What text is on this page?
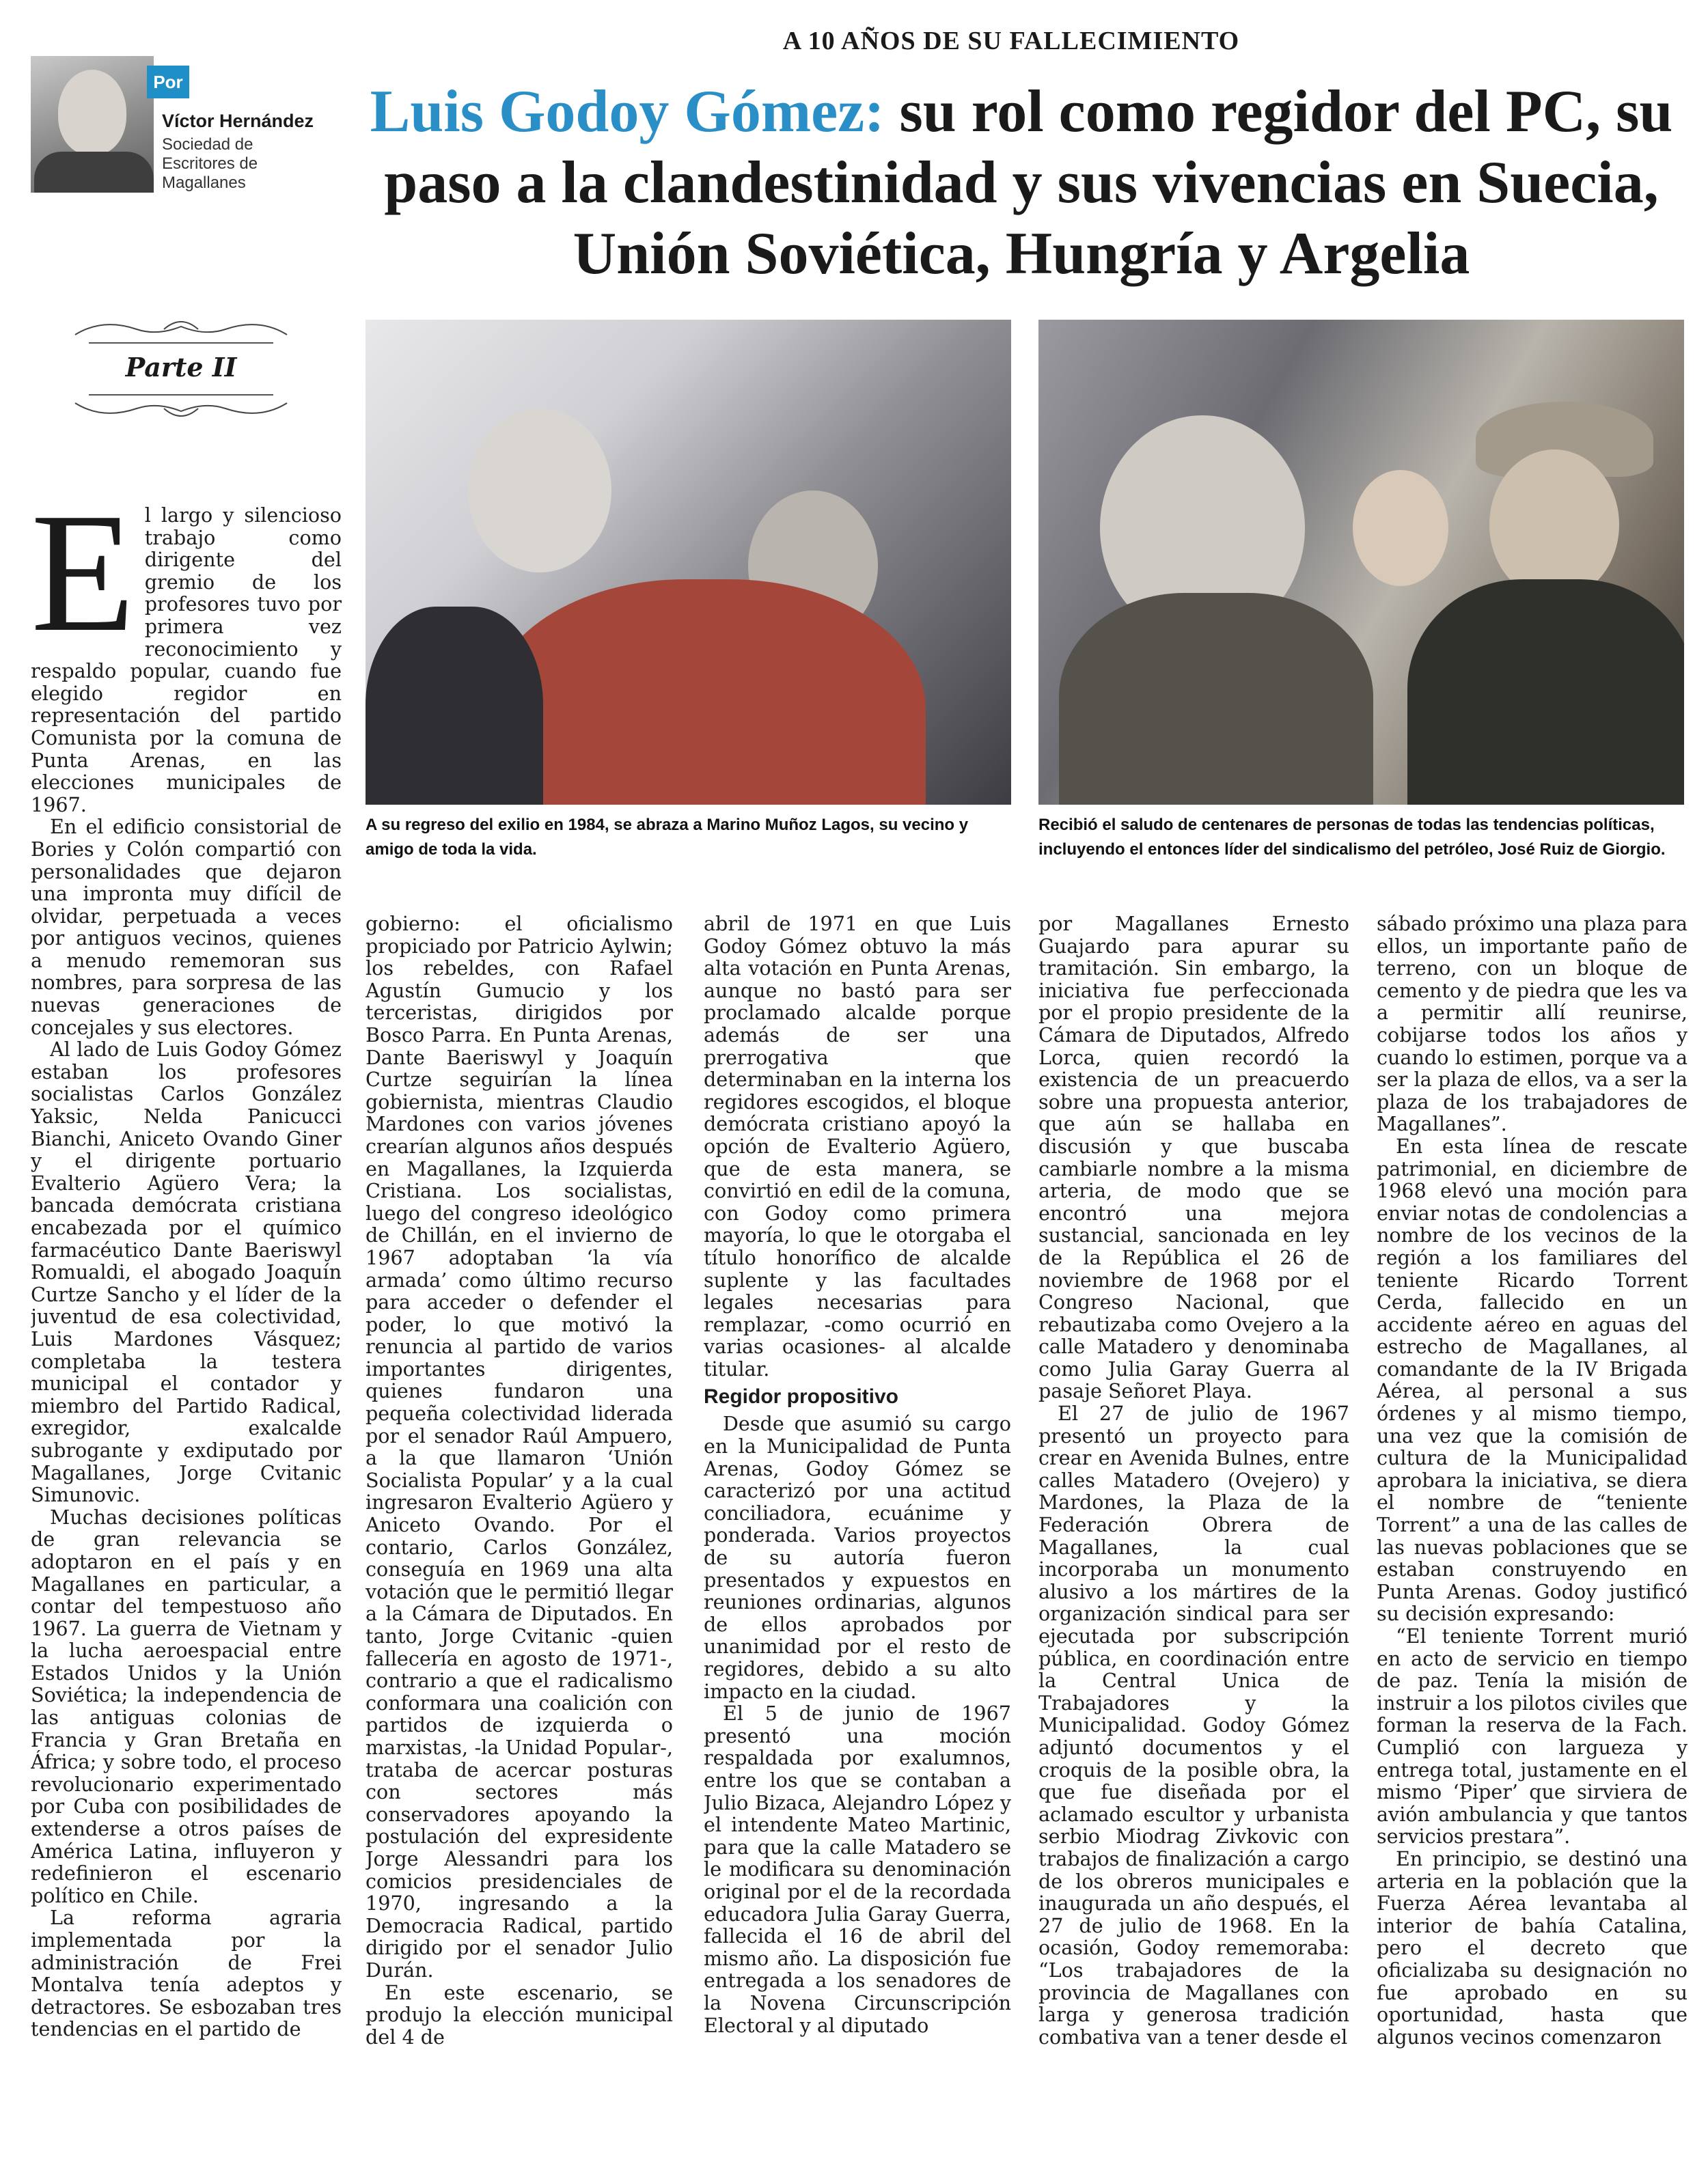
A 10 AÑOS DE SU FALLECIMIENTO
Por
Víctor Hernández
Sociedad de Escritores de Magallanes
Luis Godoy Gómez: su rol como regidor del PC, su paso a la clandestinidad y sus vivencias en Suecia, Unión Soviética, Hungría y Argelia
Parte II
A su regreso del exilio en 1984, se abraza a Marino Muñoz Lagos, su vecino y amigo de toda la vida.
Recibió el saludo de centenares de personas de todas las tendencias políticas, incluyendo el entonces líder del sindicalismo del petróleo, José Ruiz de Giorgio.
E l largo y silencioso trabajo como dirigente del gremio de los profesores tuvo por primera vez reconocimiento y respaldo popular, cuando fue elegido regidor en representación del partido Comunista por la comuna de Punta Arenas, en las elecciones municipales de 1967.

En el edificio consistorial de Bories y Colón compartió con personalidades que dejaron una impronta muy difícil de olvidar, perpetuada a veces por antiguos vecinos, quienes a menudo rememoran sus nombres, para sorpresa de las nuevas generaciones de concejales y sus electores.

Al lado de Luis Godoy Gómez estaban los profesores socialistas Carlos González Yaksic, Nelda Panicucci Bianchi, Aniceto Ovando Giner y el dirigente portuario Evalterio Agüero Vera; la bancada demócrata cristiana encabezada por el químico farmacéutico Dante Baeriswyl Romualdi, el abogado Joaquín Curtze Sancho y el líder de la juventud de esa colectividad, Luis Mardones Vásquez; completaba la testera municipal el contador y miembro del Partido Radical, exregidor, exalcalde subrogante y exdiputado por Magallanes, Jorge Cvitanic Simunovic.

Muchas decisiones políticas de gran relevancia se adoptaron en el país y en Magallanes en particular, a contar del tempestuoso año 1967. La guerra de Vietnam y la lucha aeroespacial entre Estados Unidos y la Unión Soviética; la independencia de las antiguas colonias de Francia y Gran Bretaña en África; y sobre todo, el proceso revolucionario experimentado por Cuba con posibilidades de extenderse a otros países de América Latina, influyeron y redefinieron el escenario político en Chile.

La reforma agraria implementada por la administración de Frei Montalva tenía adeptos y detractores. Se esbozaban tres tendencias en el partido de

gobierno: el oficialismo propiciado por Patricio Aylwin; los rebeldes, con Rafael Agustín Gumucio y los terceristas, dirigidos por Bosco Parra. En Punta Arenas, Dante Baeriswyl y Joaquín Curtze seguirían la línea gobiernista, mientras Claudio Mardones con varios jóvenes crearían algunos años después en Magallanes, la Izquierda Cristiana. Los socialistas, luego del congreso ideológico de Chillán, en el invierno de 1967 adoptaban ‘la vía armada’ como último recurso para acceder o defender el poder, lo que motivó la renuncia al partido de varios importantes dirigentes, quienes fundaron una pequeña colectividad liderada por el senador Raúl Ampuero, a la que llamaron ‘Unión Socialista Popular’ y a la cual ingresaron Evalterio Agüero y Aniceto Ovando. Por el contario, Carlos González, conseguía en 1969 una alta votación que le permitió llegar a la Cámara de Diputados. En tanto, Jorge Cvitanic -quien fallecería en agosto de 1971-, contrario a que el radicalismo conformara una coalición con partidos de izquierda o marxistas, -la Unidad Popular-, trataba de acercar posturas con sectores más conservadores apoyando la postulación del expresidente Jorge Alessandri para los comicios presidenciales de 1970, ingresando a la Democracia Radical, partido dirigido por el senador Julio Durán.

En este escenario, se produjo la elección municipal del 4 de

abril de 1971 en que Luis Godoy Gómez obtuvo la más alta votación en Punta Arenas, aunque no bastó para ser proclamado alcalde porque además de ser una prerrogativa que determinaban en la interna los regidores escogidos, el bloque demócrata cristiano apoyó la opción de Evalterio Agüero, que de esta manera, se convirtió en edil de la comuna, con Godoy como primera mayoría, lo que le otorgaba el título honorífico de alcalde suplente y las facultades legales necesarias para remplazar, -como ocurrió en varias ocasiones- al alcalde titular.

Regidor propositivo

Desde que asumió su cargo en la Municipalidad de Punta Arenas, Godoy Gómez se caracterizó por una actitud conciliadora, ecuánime y ponderada. Varios proyectos de su autoría fueron presentados y expuestos en reuniones ordinarias, algunos de ellos aprobados por unanimidad por el resto de regidores, debido a su alto impacto en la ciudad.

El 5 de junio de 1967 presentó una moción respaldada por exalumnos, entre los que se contaban a Julio Bizaca, Alejandro López y el intendente Mateo Martinic, para que la calle Matadero se le modificara su denominación original por el de la recordada educadora Julia Garay Guerra, fallecida el 16 de abril del mismo año. La disposición fue entregada a los senadores de la Novena Circunscripción Electoral y al diputado

por Magallanes Ernesto Guajardo para apurar su tramitación. Sin embargo, la iniciativa fue perfeccionada por el propio presidente de la Cámara de Diputados, Alfredo Lorca, quien recordó la existencia de un preacuerdo sobre una propuesta anterior, que aún se hallaba en discusión y que buscaba cambiarle nombre a la misma arteria, de modo que se encontró una mejora sustancial, sancionada en ley de la República el 26 de noviembre de 1968 por el Congreso Nacional, que rebautizaba como Ovejero a la calle Matadero y denominaba como Julia Garay Guerra al pasaje Señoret Playa.

El 27 de julio de 1967 presentó un proyecto para crear en Avenida Bulnes, entre calles Matadero (Ovejero) y Mardones, la Plaza de la Federación Obrera de Magallanes, la cual incorporaba un monumento alusivo a los mártires de la organización sindical para ser ejecutada por subscripción pública, en coordinación entre la Central Unica de Trabajadores y la Municipalidad. Godoy Gómez adjuntó documentos y el croquis de la posible obra, la que fue diseñada por el aclamado escultor y urbanista serbio Miodrag Zivkovic con trabajos de finalización a cargo de los obreros municipales e inaugurada un año después, el 27 de julio de 1968. En la ocasión, Godoy rememoraba: “Los trabajadores de la provincia de Magallanes con larga y generosa tradición combativa van a tener desde el

sábado próximo una plaza para ellos, un importante paño de terreno, con un bloque de cemento y de piedra que les va a permitir allí reunirse, cobijarse todos los años y cuando lo estimen, porque va a ser la plaza de ellos, va a ser la plaza de los trabajadores de Magallanes”.

En esta línea de rescate patrimonial, en diciembre de 1968 elevó una moción para enviar notas de condolencias a nombre de los vecinos de la región a los familiares del teniente Ricardo Torrent Cerda, fallecido en un accidente aéreo en aguas del estrecho de Magallanes, al comandante de la IV Brigada Aérea, al personal a sus órdenes y al mismo tiempo, una vez que la comisión de cultura de la Municipalidad aprobara la iniciativa, se diera el nombre de “teniente Torrent” a una de las calles de las nuevas poblaciones que se estaban construyendo en Punta Arenas. Godoy justificó su decisión expresando:

“El teniente Torrent murió en acto de servicio en tiempo de paz. Tenía la misión de instruir a los pilotos civiles que forman la reserva de la Fach. Cumplió con largueza y entrega total, justamente en el mismo ‘Piper’ que sirviera de avión ambulancia y que tantos servicios prestara”.

En principio, se destinó una arteria en la población que la Fuerza Aérea levantaba al interior de bahía Catalina, pero el decreto que oficializaba su designación no fue aprobado en su oportunidad, hasta que algunos vecinos comenzaron
